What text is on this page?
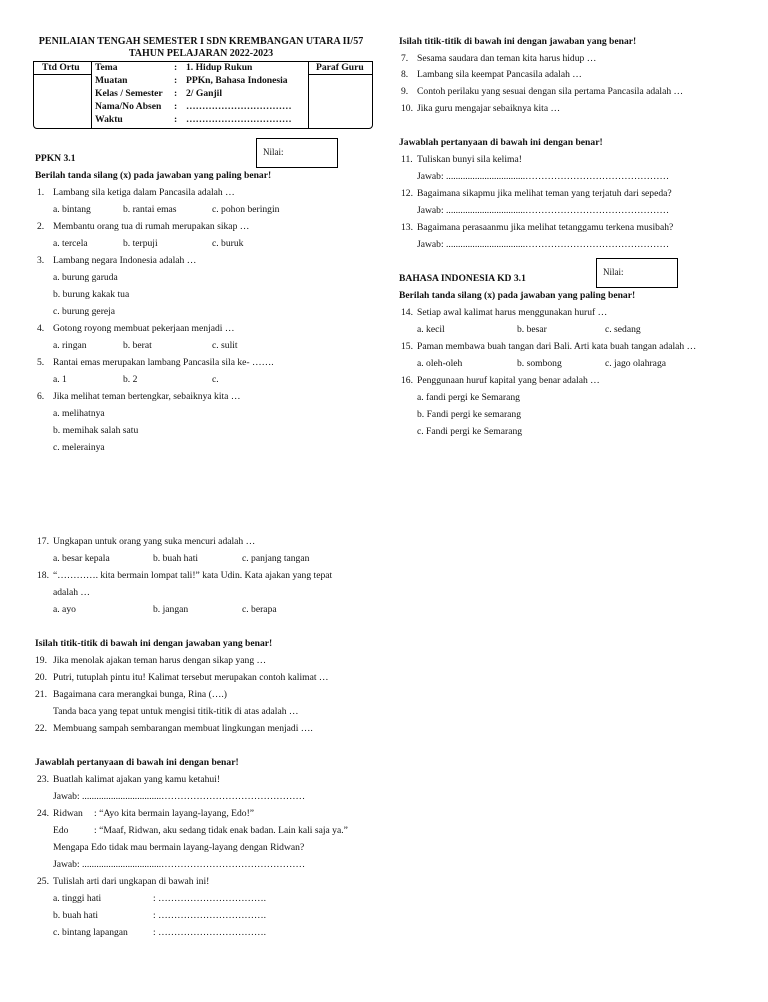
PENILAIAN TENGAH SEMESTER I SDN KREMBANGAN UTARA II/57
TAHUN PELAJARAN 2022-2023
Ttd Ortu	Paraf Guru
Tema	: 1. Hidup Rukun
Muatan	: PPKn, Bahasa Indonesia
Kelas / Semester : 2/ Ganjil
Nama/No Absen : ……………………………
Waktu	: ……………………………
Nilai:
Nilai:
PPKN 3.1
Berilah tanda silang (x) pada jawaban yang paling benar!
1. Lambang sila ketiga dalam Pancasila adalah …
a. bintang	b. rantai emas	c. pohon beringin
2. Membantu orang tua di rumah merupakan sikap …
a. tercela	b. terpuji	c. buruk
3. Lambang negara Indonesia adalah …
a. burung garuda
b. burung kakak tua
c. burung gereja
4. Gotong royong membuat pekerjaan menjadi …
a. ringan	b. berat	c. sulit
5. Rantai emas merupakan lambang Pancasila sila ke- …….
a. 1	b. 2	c.
6. Jika melihat teman bertengkar, sebaiknya kita …
a. melihatnya
b. memihak salah satu
c. melerainya
Isilah titik-titik di bawah ini dengan jawaban yang benar!
7. Sesama saudara dan teman kita harus hidup …
8. Lambang sila keempat Pancasila adalah …
9. Contoh perilaku yang sesuai dengan sila pertama Pancasila adalah …
10. Jika guru mengajar sebaiknya kita …
Jawablah pertanyaan di bawah ini dengan benar!
11. Tuliskan bunyi sila kelima!
Jawab: .................................………………………………………
12. Bagaimana sikapmu jika melihat teman yang terjatuh dari sepeda?
Jawab: .................................………………………………………
13. Bagaimana perasaanmu jika melihat tetanggamu terkena musibah?
Jawab: .................................………………………………………
BAHASA INDONESIA KD 3.1
Berilah tanda silang (x) pada jawaban yang paling benar!
14. Setiap awal kalimat harus menggunakan huruf …
a. kecil	b. besar	c. sedang
15. Paman membawa buah tangan dari Bali. Arti kata buah tangan adalah …
a. oleh-oleh	b. sombong	c. jago olahraga
16. Penggunaan huruf kapital yang benar adalah …
a. fandi pergi ke Semarang
b. Fandi pergi ke semarang
c. Fandi pergi ke Semarang
17. Ungkapan untuk orang yang suka mencuri adalah …
a. besar kepala	b. buah hati	c. panjang tangan
18. “…………. kita bermain lompat tali!” kata Udin. Kata ajakan yang tepat
adalah …
a. ayo	b. jangan	c. berapa
Isilah titik-titik di bawah ini dengan jawaban yang benar!
19. Jika menolak ajakan teman harus dengan sikap yang …
20. Putri, tutuplah pintu itu! Kalimat tersebut merupakan contoh kalimat …
21. Bagaimana cara merangkai bunga, Rina (….)
Tanda baca yang tepat untuk mengisi titik-titik di atas adalah …
22. Membuang sampah sembarangan membuat lingkungan menjadi ….
Jawablah pertanyaan di bawah ini dengan benar!
23. Buatlah kalimat ajakan yang kamu ketahui!
Jawab: .................................………………………………………
24. Ridwan : “Ayo kita bermain layang-layang, Edo!”
Edo	: “Maaf, Ridwan, aku sedang tidak enak badan. Lain kali saja ya.”
Mengapa Edo tidak mau bermain layang-layang dengan Ridwan?
Jawab: .................................………………………………………
25. Tulislah arti dari ungkapan di bawah ini!
a. tinggi hati	: …………………………….
b. buah hati	: …………………………….
c. bintang lapangan	: …………………………….
